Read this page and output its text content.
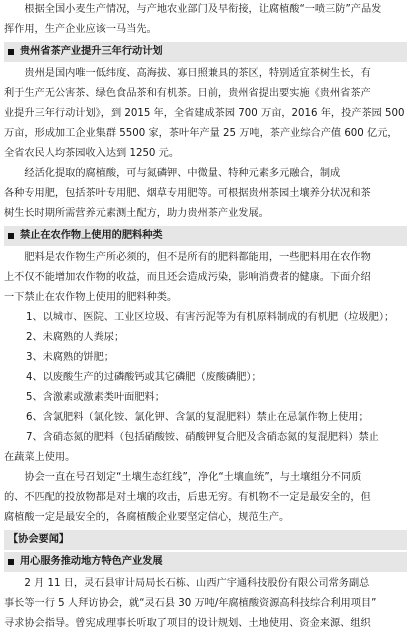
根据全国小麦生产情况，与产地农业部门及早衔接，让腐植酸“一喷三防”产品发

挥作用，生产企业应该一马当先。

贵州省茶产业提升三年行动计划

贵州是国内唯一低纬度、高海拔、寡日照兼具的茶区，特别适宜茶树生长，有

利于生产无公害茶、绿色食品茶和有机茶。日前，贵州省提出要实施《贵州省茶产

业提升三年行动计划》，到 2015 年，全省建成茶园 700 万亩，2016 年，投产茶园 500

万亩，形成加工企业集群 5500 家，茶叶年产量 25 万吨，茶产业综合产值 600 亿元，

全省农民人均茶园收入达到 1250 元。

经活化提取的腐植酸，可与氮磷钾、中微量、特种元素多元融合，制成

各种专用肥，包括茶叶专用肥、烟草专用肥等。可根据贵州茶园土壤养分状况和茶

树生长时期所需营养元素测土配方，助力贵州茶产业发展。

禁止在农作物上使用的肥料种类

肥料是农作物生产所必须的，但不是所有的肥料都能用，一些肥料用在农作物

上不仅不能增加农作物的收益，而且还会造成污染，影响消费者的健康。下面介绍

一下禁止在农作物上使用的肥料种类。

1、以城市、医院、工业区垃圾、有害污泥等为有机原料制成的有机肥（垃圾肥）；
2、未腐熟的人粪尿；
3、未腐熟的饼肥；
4、以废酸生产的过磷酸钙或其它磷肥（废酸磷肥）；
5、含激素或激素类叶面肥料；
6、含氯肥料（氯化铵、氯化钾、含氯的复混肥料）禁止在忌氯作物上使用；
7、含硝态氮的肥料（包括硝酸铵、硝酸钾复合肥及含硝态氮的复混肥料）禁止
在蔬菜上使用。

协会一直在号召划定“土壤生态红线”，净化“土壤血统”，与土壤组分不同质

的、不匹配的投放物都是对土壤的攻击，后患无穷。有机物不一定是最安全的，但

腐植酸一定是最安全的，各腐植酸企业要坚定信心，规范生产。

【协会要闻】
用心服务推动地方特色产业发展

2 月 11 日，灵石县审计局局长石栋、山西广宇通科技股份有限公司常务副总

事长等一行 5 人拜访协会，就“灵石县 30 万吨/年腐植酸资源高科技综合利用项目”

寻求协会指导。曾宪成理事长听取了项目的设计规划、土地使用、资金来源、组织
